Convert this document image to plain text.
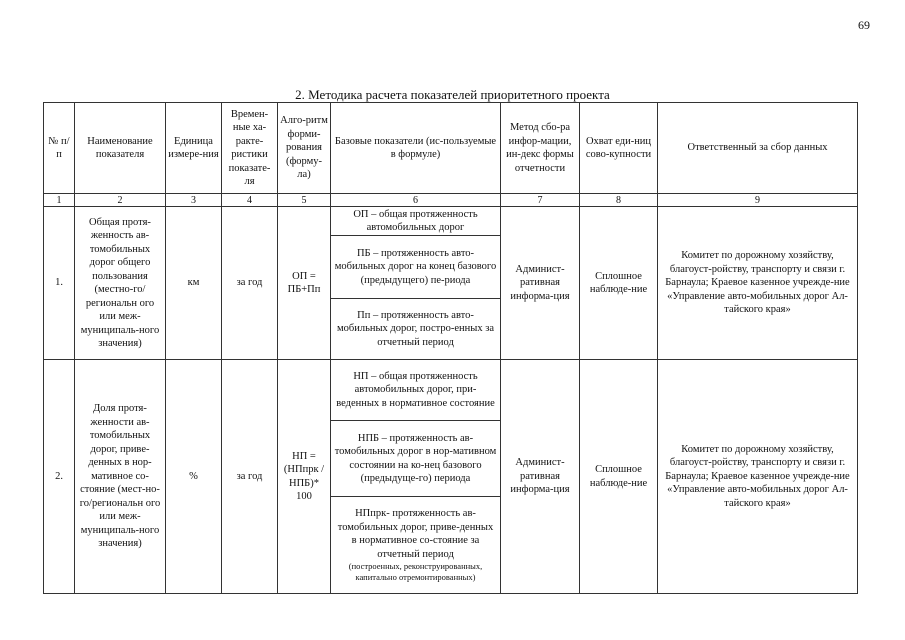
69
2. Методика расчета показателей приоритетного проекта
№ п/п	Наименование показателя	Единица измере-ния	Времен-ные ха-ракте-ристики показате-ля	Алго-ритм форми-рования (форму-ла)	Базовые показатели (ис-пользуемые в формуле)	Метод сбо-ра инфор-мации, ин-декс формы отчетности	Охват еди-ниц сово-купности	Ответственный за сбор данных
1	2	3	4	5	6	7	8	9
1.	Общая протя-женность ав-томобильных дорог общего пользования (местно-го/региональн ого или меж-муниципаль-ного значения)	км	за год	ОП = ПБ+Пп	ОП – общая протяженность автомобильных дорог
ПБ – протяженность авто-мобильных дорог на конец базового (предыдущего) пе-риода
Пп – протяженность авто-мобильных дорог, постро-енных за отчетный период	Админист-ративная информа-ция	Сплошное наблюде-ние	Комитет по дорожному хозяйству, благоуст-ройству, транспорту и связи г. Барнаула; Краевое казенное учрежде-ние «Управление авто-мобильных дорог Ал-тайского края»
2.	Доля протя-женности ав-томобильных дорог, приве-денных в нор-мативное со-стояние (мест-но-го/региональн ого или меж-муниципаль-ного значения)	%	за год	НП = (НПпрк /НПБ)* 100	НП – общая протяженность автомобильных дорог, при-веденных в нормативное состояние
НПБ – протяженность ав-томобильных дорог в нор-мативном состоянии на ко-нец базового (предыдуще-го) периода
НПпрк- протяженность ав-томобильных дорог, приве-денных в нормативное со-стояние за отчетный период
(построенных, реконструированных, капитально отремонтированных)	Админист-ративная информа-ция	Сплошное наблюде-ние	Комитет по дорожному хозяйству, благоуст-ройству, транспорту и связи г. Барнаула; Краевое казенное учрежде-ние «Управление авто-мобильных дорог Ал-тайского края»
